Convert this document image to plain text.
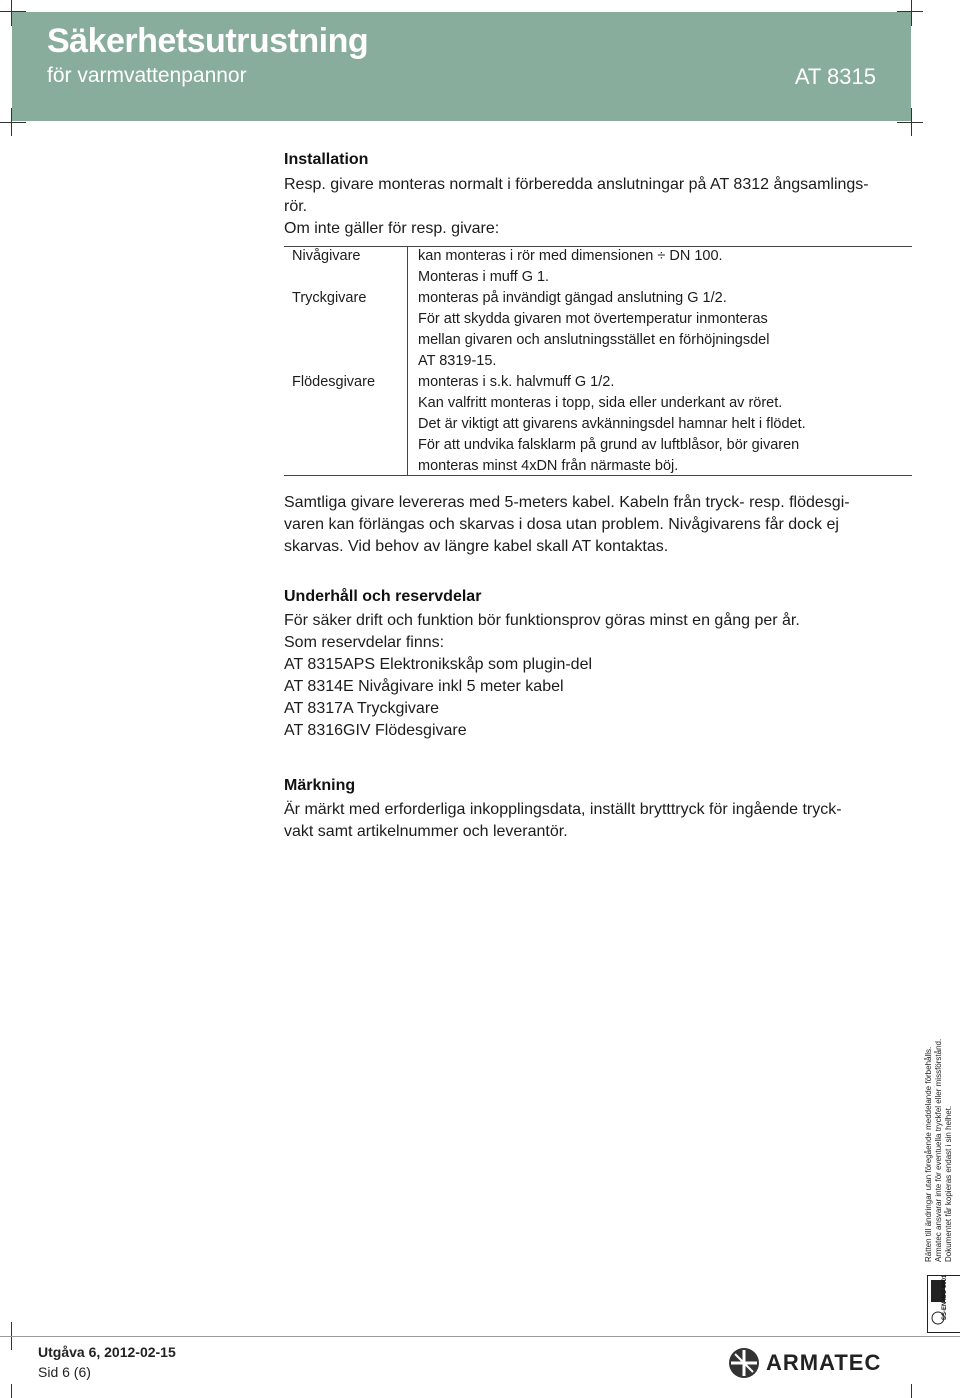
Säkerhetsutrustning
för varmvattenpannor	AT 8315
Installation
Resp. givare monteras normalt i förberedda anslutningar på AT 8312 ångsamlings-
rör.
Om inte gäller för resp. givare:
Nivågivare	kan monteras i rör med dimensionen ÷ DN 100.
Monteras i muff G 1.
Tryckgivare	monteras på invändigt gängad anslutning G 1/2.
För att skydda givaren mot övertemperatur inmonteras
mellan givaren och anslutningsstället en förhöjningsdel
AT 8319-15.
Flödesgivare	monteras i s.k. halvmuff G 1/2.
Kan valfritt monteras i topp, sida eller underkant av röret.
Det är viktigt att givarens avkänningsdel hamnar helt i flödet.
För att undvika falsklarm på grund av luftblåsor, bör givaren
monteras minst 4xDN från närmaste böj.
Samtliga givare levereras med 5-meters kabel. Kabeln från tryck- resp. flödesgi-
varen kan förlängas och skarvas i dosa utan problem. Nivågivarens får dock ej
skarvas. Vid behov av längre kabel skall AT kontaktas.
Underhåll och reservdelar
För säker drift och funktion bör funktionsprov göras minst en gång per år.
Som reservdelar finns:
AT 8315APS Elektronikskåp som plugin-del
AT 8314E Nivågivare inkl 5 meter kabel
AT 8317A Tryckgivare
AT 8316GIV Flödesgivare
Märkning
Är märkt med erforderliga inkopplingsdata, inställt brytttryck för ingående tryck-
vakt samt artikelnummer och leverantör.
Rätten till ändringar utan föregående meddelande förbehålls. Armatec ansvarar inte för eventuella tryckfel eller missförstånd. Dokumentet får kopieras endast i sin helhet.
SS-EN ISO 9001
Utgåva 6, 2012-02-15
Sid 6 (6)	ARMATEC
